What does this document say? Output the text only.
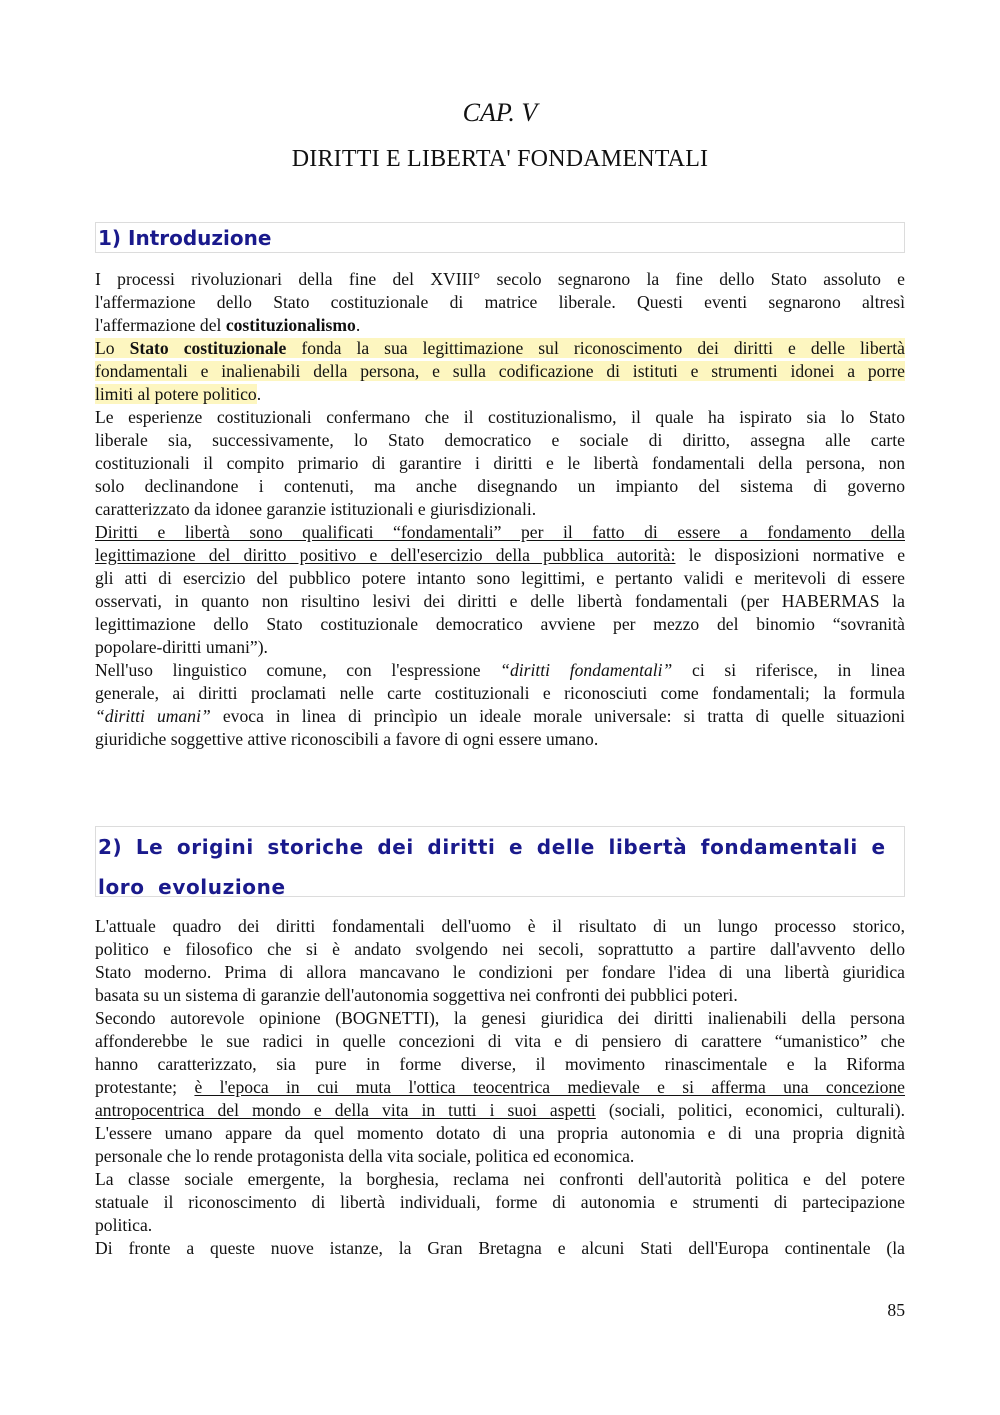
CAP. V
DIRITTI E LIBERTA' FONDAMENTALI
1) Introduzione
I processi rivoluzionari della fine del XVIII° secolo segnarono la fine dello Stato assoluto e
l'affermazione dello Stato costituzionale di matrice liberale. Questi eventi segnarono altresì
l'affermazione del costituzionalismo.
Lo Stato costituzionale fonda la sua legittimazione sul riconoscimento dei diritti e delle libertà
fondamentali e inalienabili della persona, e sulla codificazione di istituti e strumenti idonei a porre
limiti al potere politico.
Le esperienze costituzionali confermano che il costituzionalismo, il quale ha ispirato sia lo Stato
liberale sia, successivamente, lo Stato democratico e sociale di diritto, assegna alle carte
costituzionali il compito primario di garantire i diritti e le libertà fondamentali della persona, non
solo declinandone i contenuti, ma anche disegnando un impianto del sistema di governo
caratterizzato da idonee garanzie istituzionali e giurisdizionali.
Diritti e libertà sono qualificati “fondamentali” per il fatto di essere a fondamento della
legittimazione del diritto positivo e dell'esercizio della pubblica autorità: le disposizioni normative e
gli atti di esercizio del pubblico potere intanto sono legittimi, e pertanto validi e meritevoli di essere
osservati, in quanto non risultino lesivi dei diritti e delle libertà fondamentali (per HABERMAS la
legittimazione dello Stato costituzionale democratico avviene per mezzo del binomio “sovranità
popolare-diritti umani”).
Nell'uso linguistico comune, con l'espressione “diritti fondamentali” ci si riferisce, in linea
generale, ai diritti proclamati nelle carte costituzionali e riconosciuti come fondamentali; la formula
“diritti umani” evoca in linea di princìpio un ideale morale universale: si tratta di quelle situazioni
giuridiche soggettive attive riconoscibili a favore di ogni essere umano.
2) Le origini storiche dei diritti e delle libertà fondamentali e
loro evoluzione
L'attuale quadro dei diritti fondamentali dell'uomo è il risultato di un lungo processo storico,
politico e filosofico che si è andato svolgendo nei secoli, soprattutto a partire dall'avvento dello
Stato moderno. Prima di allora mancavano le condizioni per fondare l'idea di una libertà giuridica
basata su un sistema di garanzie dell'autonomia soggettiva nei confronti dei pubblici poteri.
Secondo autorevole opinione (BOGNETTI), la genesi giuridica dei diritti inalienabili della persona
affonderebbe le sue radici in quelle concezioni di vita e di pensiero di carattere “umanistico” che
hanno caratterizzato, sia pure in forme diverse, il movimento rinascimentale e la Riforma
protestante; è l'epoca in cui muta l'ottica teocentrica medievale e si afferma una concezione
antropocentrica del mondo e della vita in tutti i suoi aspetti (sociali, politici, economici, culturali).
L'essere umano appare da quel momento dotato di una propria autonomia e di una propria dignità
personale che lo rende protagonista della vita sociale, politica ed economica.
La classe sociale emergente, la borghesia, reclama nei confronti dell'autorità politica e del potere
statuale il riconoscimento di libertà individuali, forme di autonomia e strumenti di partecipazione
politica.
Di fronte a queste nuove istanze, la Gran Bretagna e alcuni Stati dell'Europa continentale (la
85
